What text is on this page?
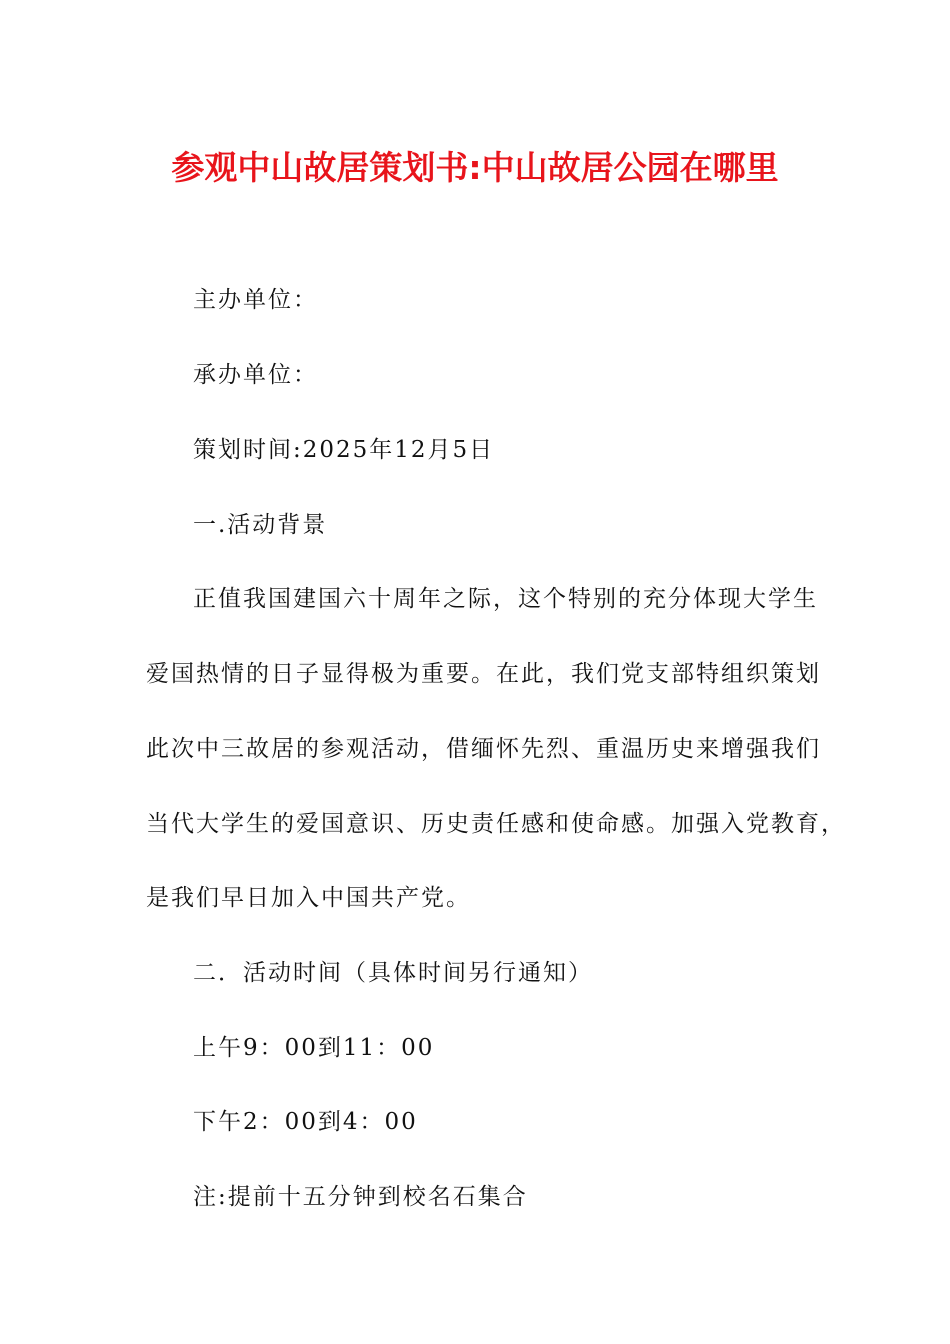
参观中山故居策划书:中山故居公园在哪里
主办单位：
承办单位：
策划时间:2025年12月5日
一.活动背景
正值我国建国六十周年之际，这个特别的充分体现大学生
爱国热情的日子显得极为重要。在此，我们党支部特组织策划
此次中三故居的参观活动，借缅怀先烈、重温历史来增强我们
当代大学生的爱国意识、历史责任感和使命感。加强入党教育，
是我们早日加入中国共产党。
二．活动时间（具体时间另行通知）
上午9：00到11：00
下午2：00到4：00
注:提前十五分钟到校名石集合
